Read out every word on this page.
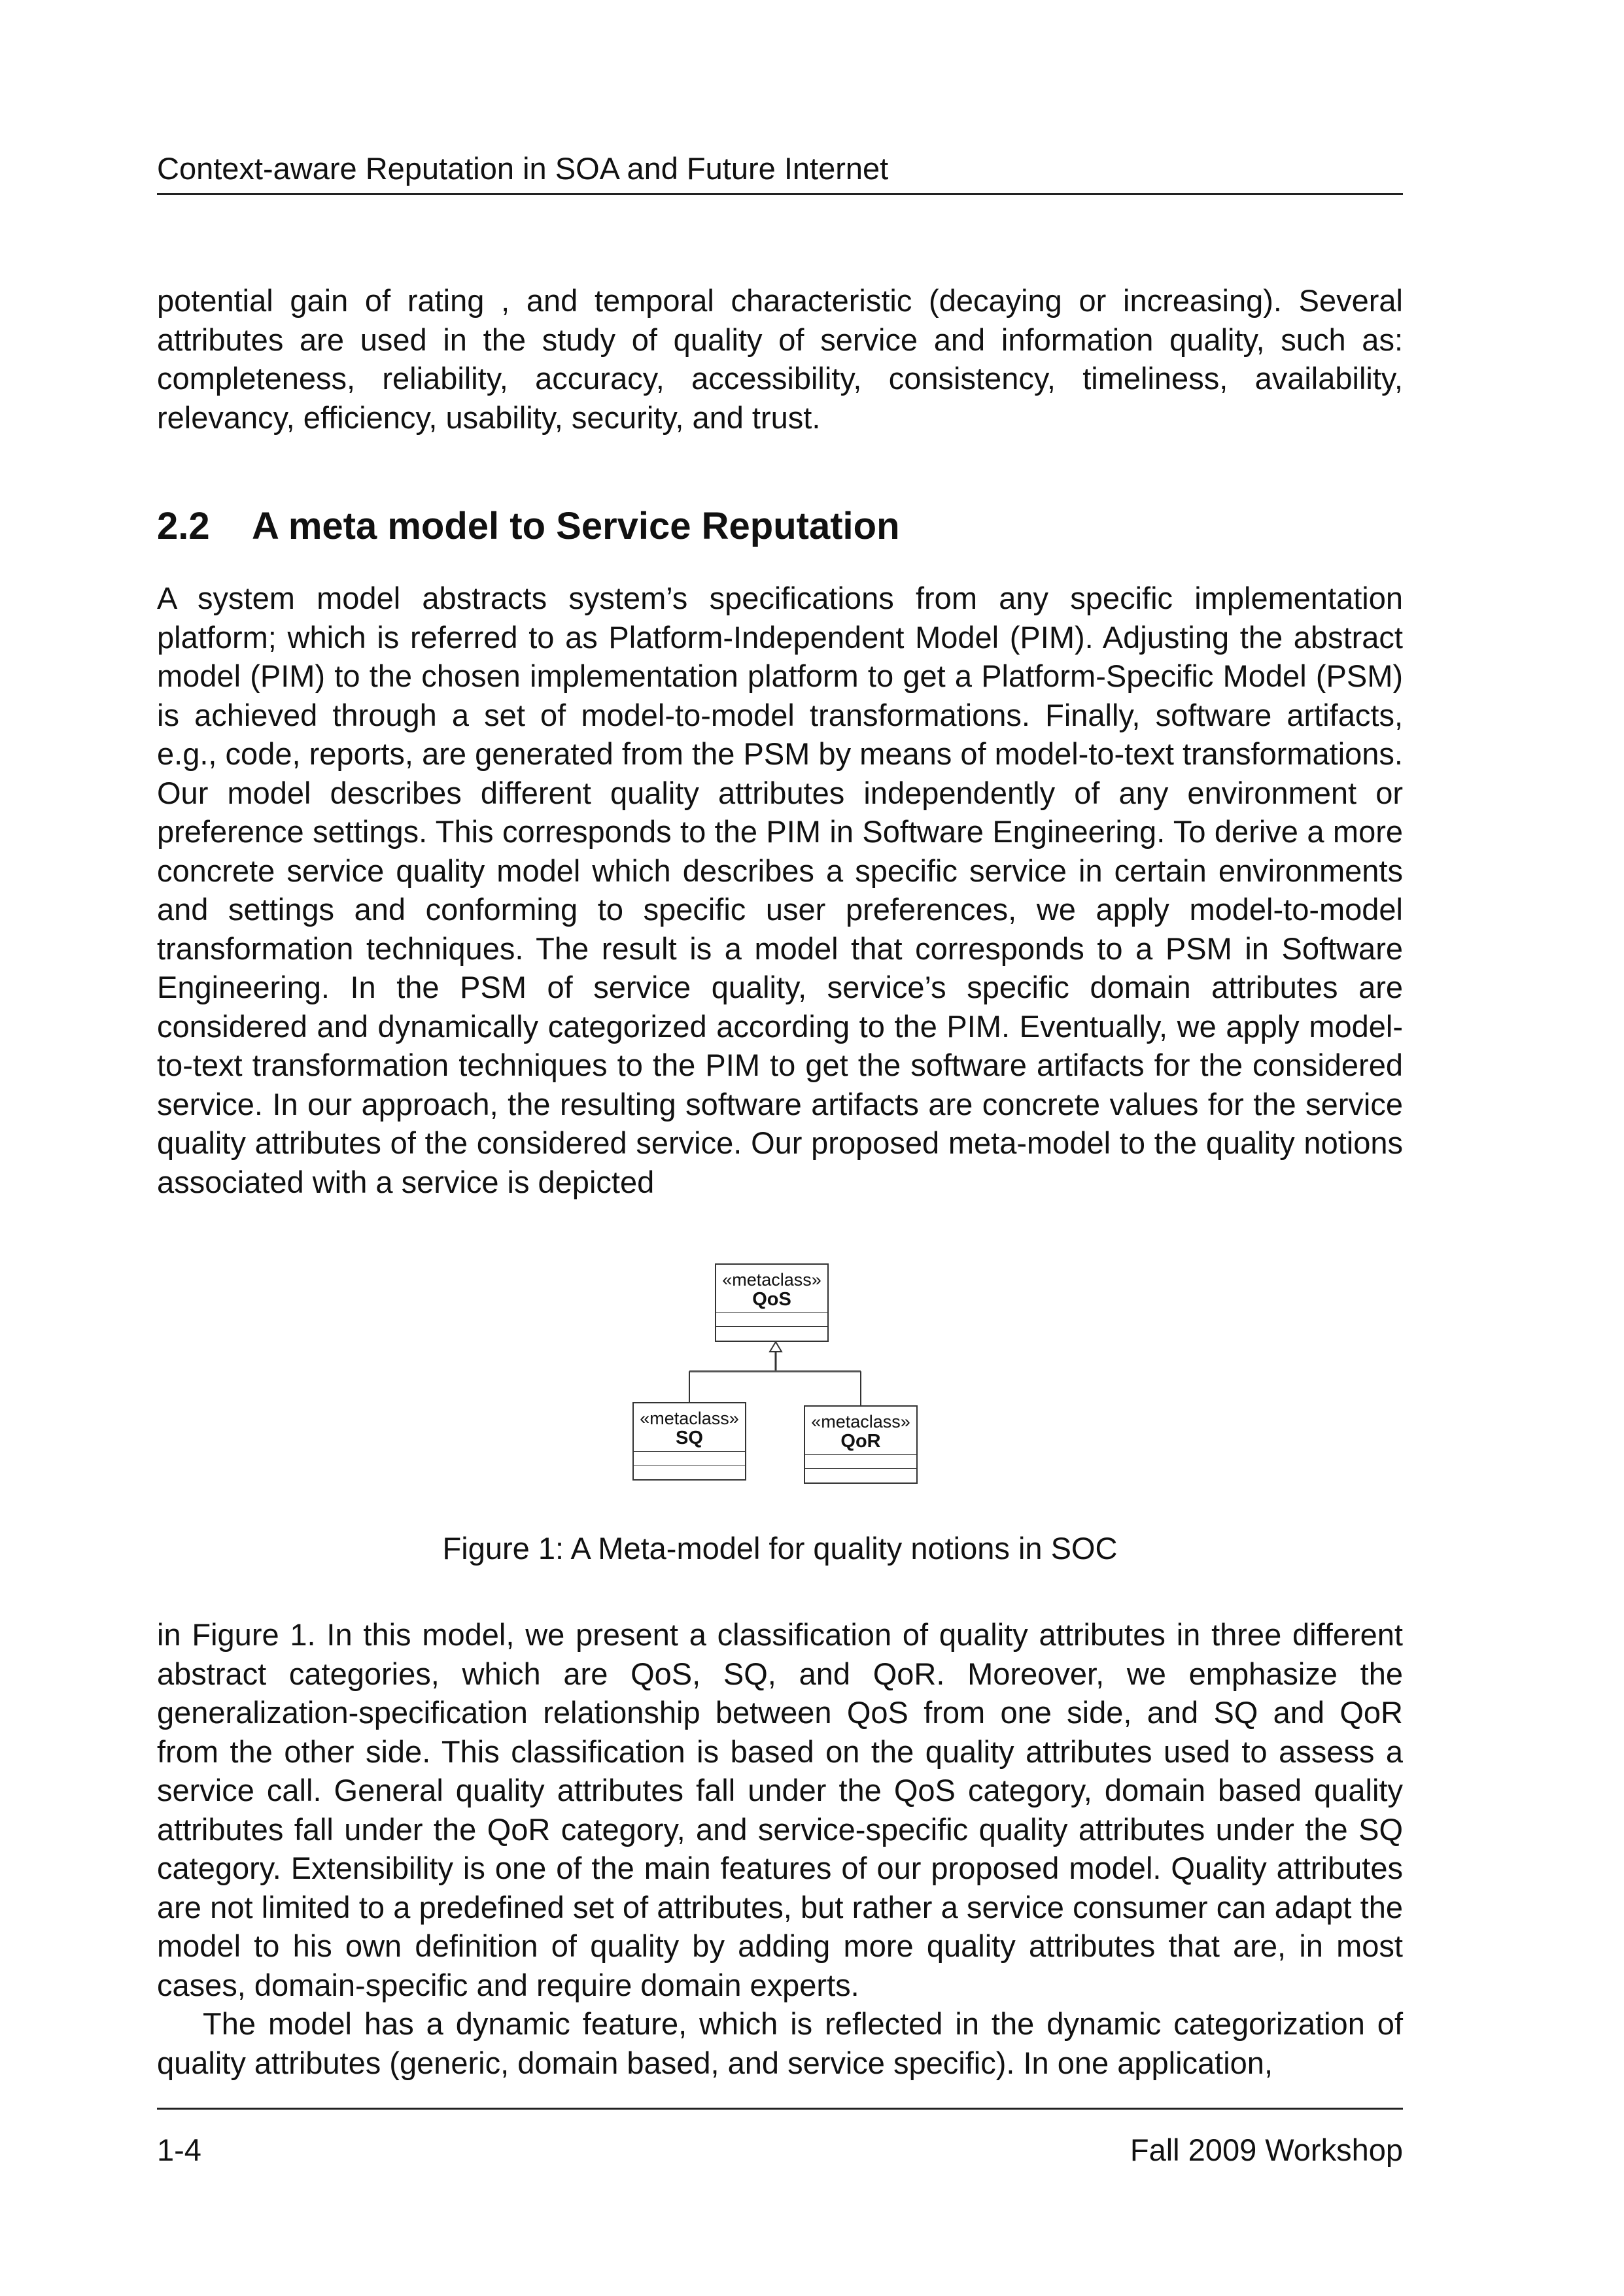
Context-aware Reputation in SOA and Future Internet

potential gain of rating , and temporal characteristic (decaying or increasing). Several attributes are used in the study of quality of service and information quality, such as: completeness, reliability, accuracy, accessibility, consistency, timeliness, availability, relevancy, efficiency, usability, security, and trust.

2.2 A meta model to Service Reputation

A system model abstracts system’s specifications from any specific implementation platform; which is referred to as Platform-Independent Model (PIM). Adjusting the abstract model (PIM) to the chosen implementation platform to get a Platform-Specific Model (PSM) is achieved through a set of model-to-model transformations. Finally, software artifacts, e.g., code, reports, are generated from the PSM by means of model-to-text transformations. Our model describes different quality attributes independently of any environment or preference settings. This corresponds to the PIM in Software Engineering. To derive a more concrete service quality model which describes a specific service in certain environments and settings and conforming to specific user preferences, we apply model-to-model transformation techniques. The result is a model that corresponds to a PSM in Software Engineering. In the PSM of service quality, service’s specific domain attributes are considered and dynamically categorized according to the PIM. Eventually, we apply model-to-text transformation techniques to the PIM to get the software artifacts for the considered service. In our approach, the resulting software artifacts are concrete values for the service quality attributes of the considered service. Our proposed meta-model to the quality notions associated with a service is depicted

«metaclass»
QoS
«metaclass»
SQ
«metaclass»
QoR
Figure 1: A Meta-model for quality notions in SOC

in Figure 1. In this model, we present a classification of quality attributes in three different abstract categories, which are QoS, SQ, and QoR. Moreover, we emphasize the generalization-specification relationship between QoS from one side, and SQ and QoR from the other side. This classification is based on the quality attributes used to assess a service call. General quality attributes fall under the QoS category, domain based quality attributes fall under the QoR category, and service-specific quality attributes under the SQ category. Extensibility is one of the main features of our proposed model. Quality attributes are not limited to a predefined set of attributes, but rather a service consumer can adapt the model to his own definition of quality by adding more quality attributes that are, in most cases, domain-specific and require domain experts.

The model has a dynamic feature, which is reflected in the dynamic categorization of quality attributes (generic, domain based, and service specific). In one application,

1-4	Fall 2009 Workshop
